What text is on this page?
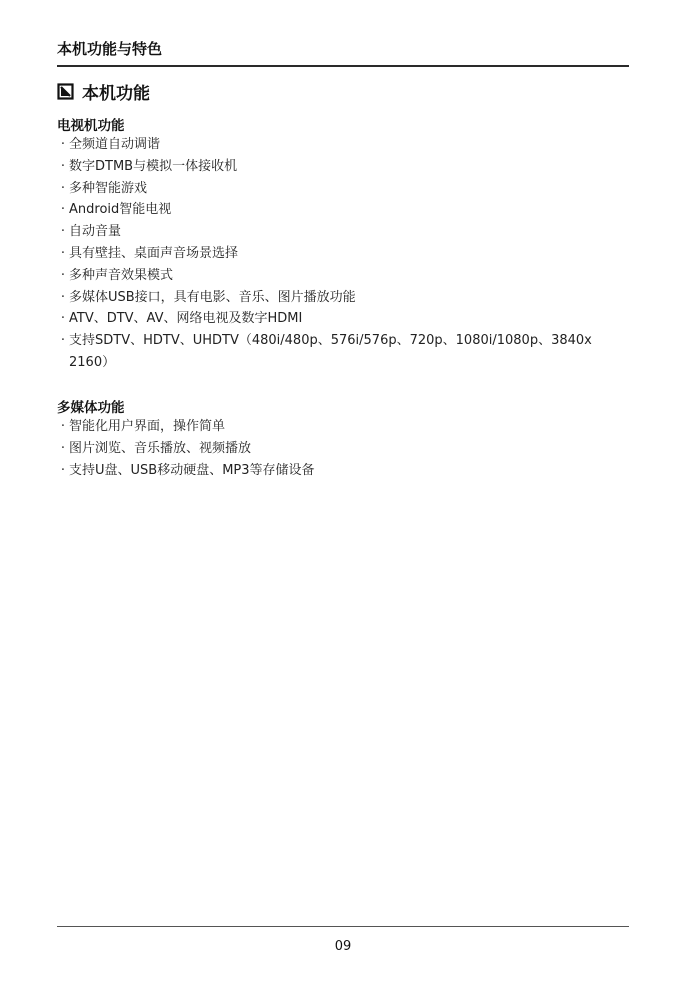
本机功能与特色
本机功能
电视机功能
· 全频道自动调谐
· 数字DTMB与模拟一体接收机
· 多种智能游戏
· Android智能电视
· 自动音量
· 具有壁挂、桌面声音场景选择
· 多种声音效果模式
· 多媒体USB接口，具有电影、音乐、图片播放功能
· ATV、DTV、AV、网络电视及数字HDMI
· 支持SDTV、HDTV、UHDTV（480i/480p、576i/576p、720p、1080i/1080p、3840x 2160）
多媒体功能
· 智能化用户界面，操作简单
· 图片浏览、音乐播放、视频播放
· 支持U盘、USB移动硬盘、MP3等存储设备
09
